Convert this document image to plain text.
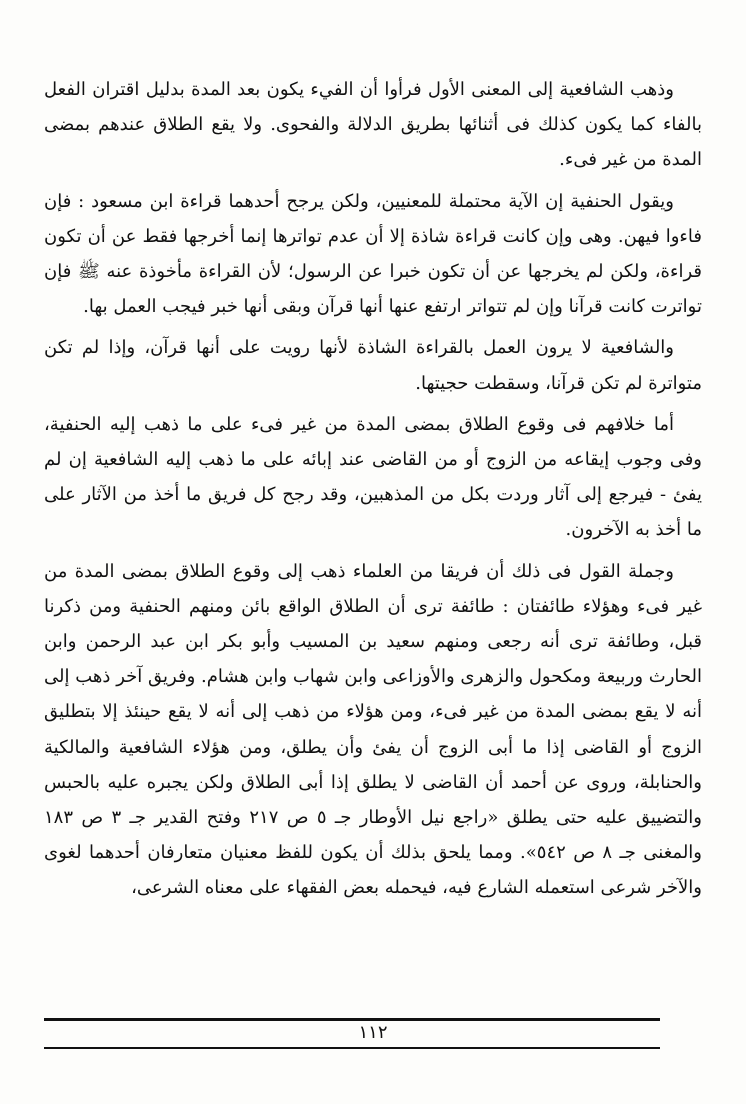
وذهب الشافعية إلى المعنى الأول فرأوا أن الفيء يكون بعد المدة بدليل اقتران الفعل بالفاء كما يكون كذلك فى أثنائها بطريق الدلالة والفحوى. ولا يقع الطلاق عندهم بمضى المدة من غير فىء.

ويقول الحنفية إن الآية محتملة للمعنيين، ولكن يرجح أحدهما قراءة ابن مسعود : فإن فاءوا فيهن. وهى وإن كانت قراءة شاذة إلا أن عدم تواترها إنما أخرجها فقط عن أن تكون قراءة، ولكن لم يخرجها عن أن تكون خبرا عن الرسول؛ لأن القراءة مأخوذة عنه ﷺ فإن تواترت كانت قرآنا وإن لم تتواتر ارتفع عنها أنها قرآن وبقى أنها خبر فيجب العمل بها.

والشافعية لا يرون العمل بالقراءة الشاذة لأنها رويت على أنها قرآن، وإذا لم تكن متواترة لم تكن قرآنا، وسقطت حجيتها.

أما خلافهم فى وقوع الطلاق بمضى المدة من غير فىء على ما ذهب إليه الحنفية، وفى وجوب إيقاعه من الزوج أو من القاضى عند إبائه على ما ذهب إليه الشافعية إن لم يفئ - فيرجع إلى آثار وردت بكل من المذهبين، وقد رجح كل فريق ما أخذ من الآثار على ما أخذ به الآخرون.

وجملة القول فى ذلك أن فريقا من العلماء ذهب إلى وقوع الطلاق بمضى المدة من غير فىء وهؤلاء طائفتان : طائفة ترى أن الطلاق الواقع بائن ومنهم الحنفية ومن ذكرنا قبل، وطائفة ترى أنه رجعى ومنهم سعيد بن المسيب وأبو بكر ابن عبد الرحمن وابن الحارث وربيعة ومكحول والزهرى والأوزاعى وابن شهاب وابن هشام. وفريق آخر ذهب إلى أنه لا يقع بمضى المدة من غير فىء، ومن هؤلاء من ذهب إلى أنه لا يقع حينئذ إلا بتطليق الزوج أو القاضى إذا ما أبى الزوج أن يفئ وأن يطلق، ومن هؤلاء الشافعية والمالكية والحنابلة، وروى عن أحمد أن القاضى لا يطلق إذا أبى الطلاق ولكن يجبره عليه بالحبس والتضييق عليه حتى يطلق «راجع نيل الأوطار جـ ٥ ص ٢١٧ وفتح القدير جـ ٣ ص ١٨٣ والمغنى جـ ٨ ص ٥٤٢». ومما يلحق بذلك أن يكون للفظ معنيان متعارفان أحدهما لغوى والآخر شرعى استعمله الشارع فيه، فيحمله بعض الفقهاء على معناه الشرعى،

١١٢
